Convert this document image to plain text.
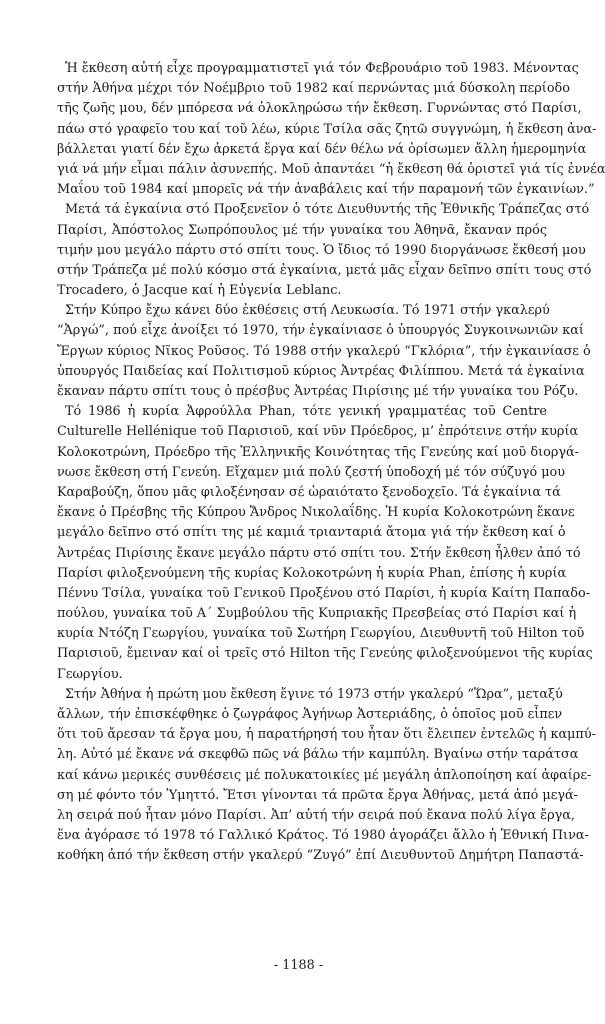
Ἡ ἔκθεση αὐτή εἶχε προγραμματιστεῖ γιά τόν Φεβρουάριο τοῦ 1983. Μένοντας
στήν Ἀθήνα μέχρι τόν Νοέμβριο τοῦ 1982 καί περνώντας μιά δύσκολη περίοδο
τῆς ζωῆς μου, δέν μπόρεσα νά ὁλοκληρώσω τήν ἔκθεση. Γυρνώντας στό Παρίσι,
πάω στό γραφεῖο του καί τοῦ λέω, κύριε Τσίλα σᾶς ζητῶ συγγνώμη, ἡ ἔκθεση ἀνα-
βάλλεται γιατί δέν ἔχω ἀρκετά ἔργα καί δέν θέλω νά ὁρίσωμεν ἄλλη ἡμερομηνία
γιά νά μήν εἶμαι πάλιν ἀσυνεπής. Μοῦ ἀπαντάει “ἡ ἔκθεση θά ὁριστεῖ γιά τίς ἐννέα
Μαΐου τοῦ 1984 καί μπορεῖς νά τήν ἀναβάλεις καί τήν παραμονή τῶν ἐγκαινίων.”
Μετά τά ἐγκαίνια στό Προξενεῖον ὁ τότε Διευθυντής τῆς Ἐθνικῆς Τράπεζας στό
Παρίσι, Ἀπόστολος Σωπρόπουλος μέ τήν γυναίκα του Ἀθηνᾶ, ἔκαναν πρός
τιμήν μου μεγάλο πάρτυ στό σπίτι τους. Ὁ ἴδιος τό 1990 διοργάνωσε ἔκθεσή μου
στήν Τράπεζα μέ πολύ κόσμο στά ἐγκαίνια, μετά μᾶς εἶχαν δεῖπνο σπίτι τους στό
Trocadero, ὁ Jacque καί ἡ Εὐγενία Leblanc.
Στήν Κύπρο ἔχω κάνει δύο ἐκθέσεις στή Λευκωσία. Τό 1971 στήν γκαλερύ
“Ἀργώ”, πού εἶχε ἀνοίξει τό 1970, τήν ἐγκαίνιασε ὁ ὑπουργός Συγκοινωνιῶν καί
Ἔργων κύριος Νῖκος Ροῦσος. Τό 1988 στήν γκαλερύ “Γκλόρια”, τήν ἐγκαινίασε ὁ
ὑπουργός Παιδείας καί Πολιτισμοῦ κύριος Ἀντρέας Φιλίππου. Μετά τά ἐγκαίνια
ἔκαναν πάρτυ σπίτι τους ὁ πρέσβυς Ἀντρέας Πιρίσιης μέ τήν γυναίκα του Ρόζυ.
Τό 1986 ἡ κυρία Ἀφρούλλα Phan, τότε γενική γραμματέας τοῦ Centre
Culturelle Hellénique τοῦ Παρισιοῦ, καί νῦν Πρόεδρος, μ’ ἐπρότεινε στήν κυρία
Κολοκοτρώνη, Πρόεδρο τῆς Ἑλληνικῆς Κοινότητας τῆς Γενεύης καί μοῦ διοργά-
νωσε ἔκθεση στή Γενεύη. Εἴχαμεν μιά πολύ ζεστή ὑποδοχή μέ τόν σύζυγό μου
Καραβούζη, ὅπου μᾶς φιλοξένησαν σέ ὡραιότατο ξενοδοχεῖο. Τά ἐγκαίνια τά
ἔκανε ὁ Πρέσβης τῆς Κύπρου Ἄνδρος Νικολαΐδης. Ἡ κυρία Κολοκοτρώνη ἔκανε
μεγάλο δεῖπνο στό σπίτι της μέ καμιά τριανταριά ἄτομα γιά τήν ἔκθεση καί ὁ
Ἀντρέας Πιρίσιης ἔκανε μεγάλο πάρτυ στό σπίτι του. Στήν ἔκθεση ἦλθεν ἀπό τό
Παρίσι φιλοξενούμενη τῆς κυρίας Κολοκοτρώνη ἡ κυρία Phan, ἐπίσης ἡ κυρία
Πέννυ Τσίλα, γυναίκα τοῦ Γενικοῦ Προξένου στό Παρίσι, ἡ κυρία Καίτη Παπαδο-
πούλου, γυναίκα τοῦ Α΄ Συμβούλου τῆς Κυπριακῆς Πρεσβείας στό Παρίσι καί ἡ
κυρία Ντόζη Γεωργίου, γυναίκα τοῦ Σωτήρη Γεωργίου, Διευθυντῆ τοῦ Hilton τοῦ
Παρισιοῦ, ἔμειναν καί οἱ τρεῖς στό Hilton τῆς Γενεύης φιλοξενούμενοι τῆς κυρίας
Γεωργίου.
Στήν Ἀθήνα ἡ πρώτη μου ἔκθεση ἔγινε τό 1973 στήν γκαλερύ “Ὥρα”, μεταξύ
ἄλλων, τήν ἐπισκέφθηκε ὁ ζωγράφος Ἀγήνωρ Ἀστεριάδης, ὁ ὁποῖος μοῦ εἶπεν
ὅτι τοῦ ἄρεσαν τά ἔργα μου, ἡ παρατήρησή του ἦταν ὅτι ἔλειπεν ἐντελῶς ἡ καμπύ-
λη. Αὐτό μέ ἔκανε νά σκεφθῶ πῶς νά βάλω τήν καμπύλη. Βγαίνω στήν ταράτσα
καί κάνω μερικές συνθέσεις μέ πολυκατοικίες μέ μεγάλη ἁπλοποίηση καί ἀφαίρε-
ση μέ φόντο τόν Ὑμηττό. Ἔτσι γίνονται τά πρῶτα ἔργα Ἀθήνας, μετά ἀπό μεγά-
λη σειρά πού ἦταν μόνο Παρίσι. Ἀπ’ αὐτή τήν σειρά πού ἔκανα πολύ λίγα ἔργα,
ἕνα ἀγόρασε τό 1978 τό Γαλλικό Κράτος. Τό 1980 ἀγοράζει ἄλλο ἡ Ἐθνική Πινα-
κοθήκη ἀπό τήν ἔκθεση στήν γκαλερύ “Ζυγό” ἐπί Διευθυντοῦ Δημήτρη Παπαστά-
- 1188 -
